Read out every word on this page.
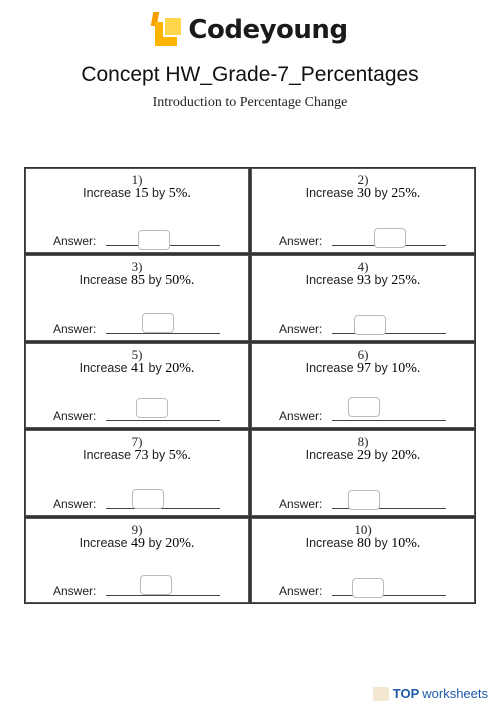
Codeyoung
Concept HW_Grade-7_Percentages
Introduction to Percentage Change
1)
Increase 15 by 5%.
Answer:
2)
Increase 30 by 25%.
Answer:
3)
Increase 85 by 50%.
Answer:
4)
Increase 93 by 25%.
Answer:
5)
Increase 41 by 20%.
Answer:
6)
Increase 97 by 10%.
Answer:
7)
Increase 73 by 5%.
Answer:
8)
Increase 29 by 20%.
Answer:
9)
Increase 49 by 20%.
Answer:
10)
Increase 80 by 10%.
Answer:
TOP worksheets
